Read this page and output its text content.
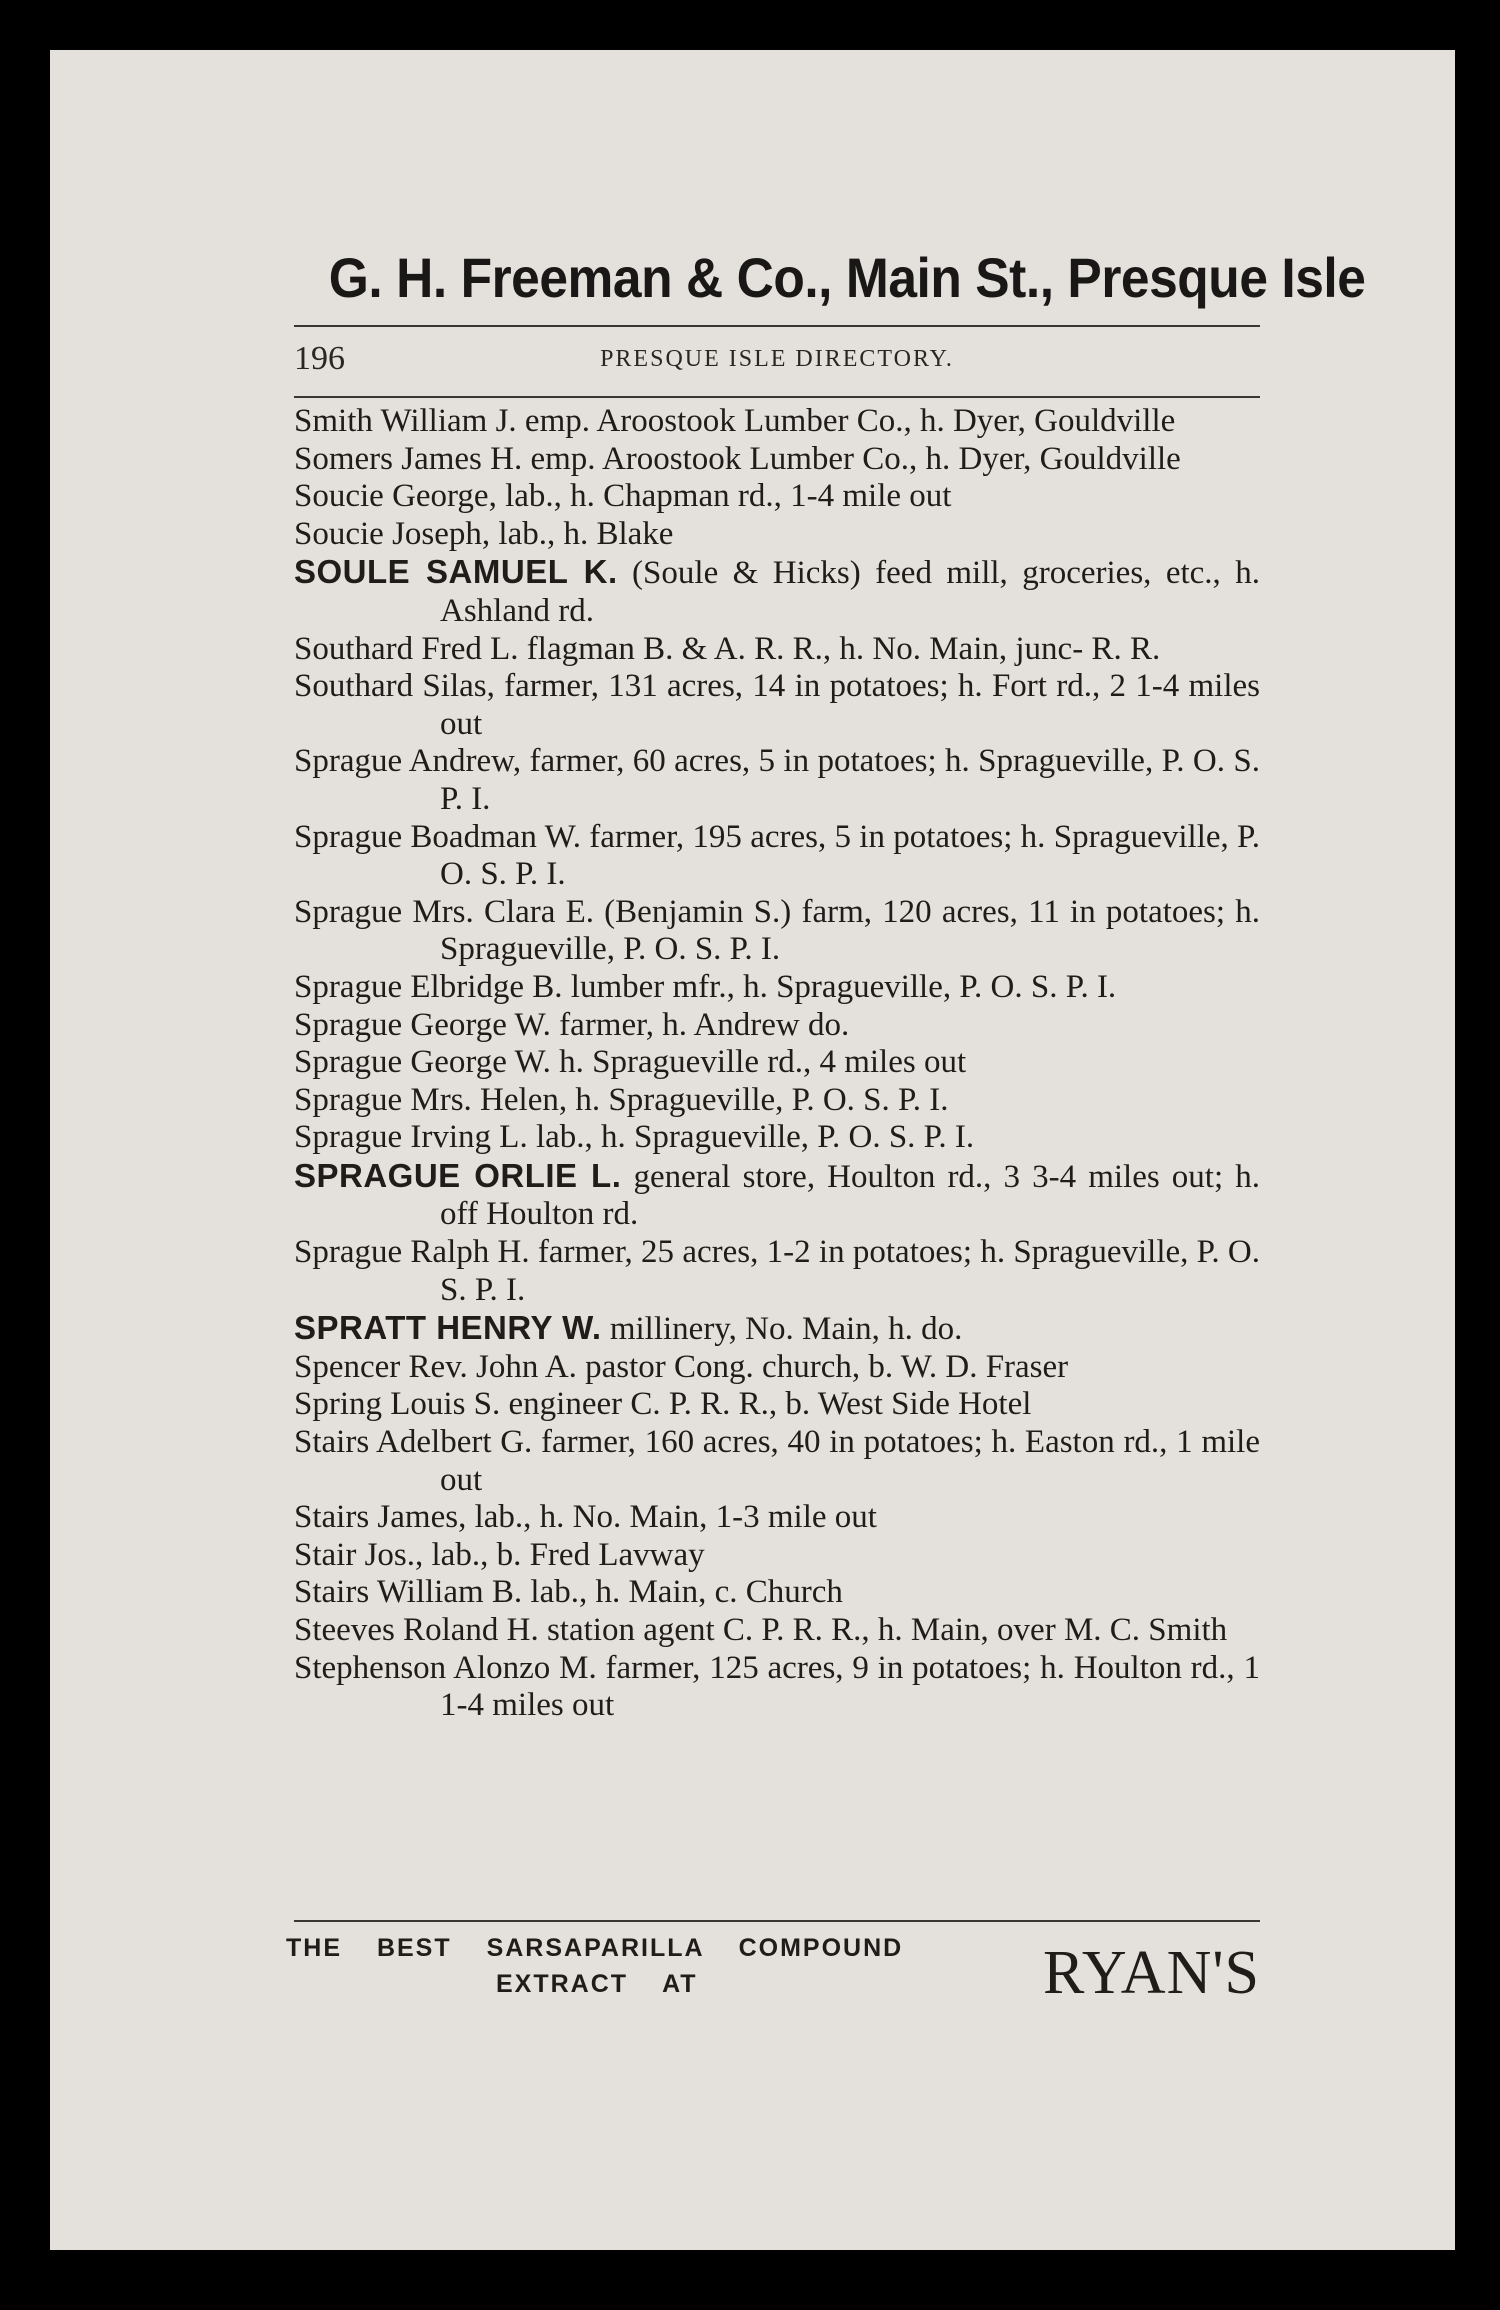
G. H. Freeman & Co., Main St., Presque Isle
196	PRESQUE ISLE DIRECTORY.
Smith William J. emp. Aroostook Lumber Co., h. Dyer, Gouldville
Somers James H. emp. Aroostook Lumber Co., h. Dyer, Gouldville
Soucie George, lab., h. Chapman rd., 1-4 mile out
Soucie Joseph, lab., h. Blake
SOULE SAMUEL K. (Soule & Hicks) feed mill, groceries, etc., h. Ashland rd.
Southard Fred L. flagman B. & A. R. R., h. No. Main, junc- R. R.
Southard Silas, farmer, 131 acres, 14 in potatoes; h. Fort rd., 2 1-4 miles out
Sprague Andrew, farmer, 60 acres, 5 in potatoes; h. Spragueville, P. O. S. P. I.
Sprague Boadman W. farmer, 195 acres, 5 in potatoes; h. Spragueville, P. O. S. P. I.
Sprague Mrs. Clara E. (Benjamin S.) farm, 120 acres, 11 in potatoes; h. Spragueville, P. O. S. P. I.
Sprague Elbridge B. lumber mfr., h. Spragueville, P. O. S. P. I.
Sprague George W. farmer, h. Andrew do.
Sprague George W. h. Spragueville rd., 4 miles out
Sprague Mrs. Helen, h. Spragueville, P. O. S. P. I.
Sprague Irving L. lab., h. Spragueville, P. O. S. P. I.
SPRAGUE ORLIE L. general store, Houlton rd., 3 3-4 miles out; h. off Houlton rd.
Sprague Ralph H. farmer, 25 acres, 1-2 in potatoes; h. Spragueville, P. O. S. P. I.
SPRATT HENRY W. millinery, No. Main, h. do.
Spencer Rev. John A. pastor Cong. church, b. W. D. Fraser
Spring Louis S. engineer C. P. R. R., b. West Side Hotel
Stairs Adelbert G. farmer, 160 acres, 40 in potatoes; h. Easton rd., 1 mile out
Stairs James, lab., h. No. Main, 1-3 mile out
Stair Jos., lab., b. Fred Lavway
Stairs William B. lab., h. Main, c. Church
Steeves Roland H. station agent C. P. R. R., h. Main, over M. C. Smith
Stephenson Alonzo M. farmer, 125 acres, 9 in potatoes; h. Houlton rd., 1 1-4 miles out
THE BEST SARSAPARILLA COMPOUND
EXTRACT AT	RYAN'S
